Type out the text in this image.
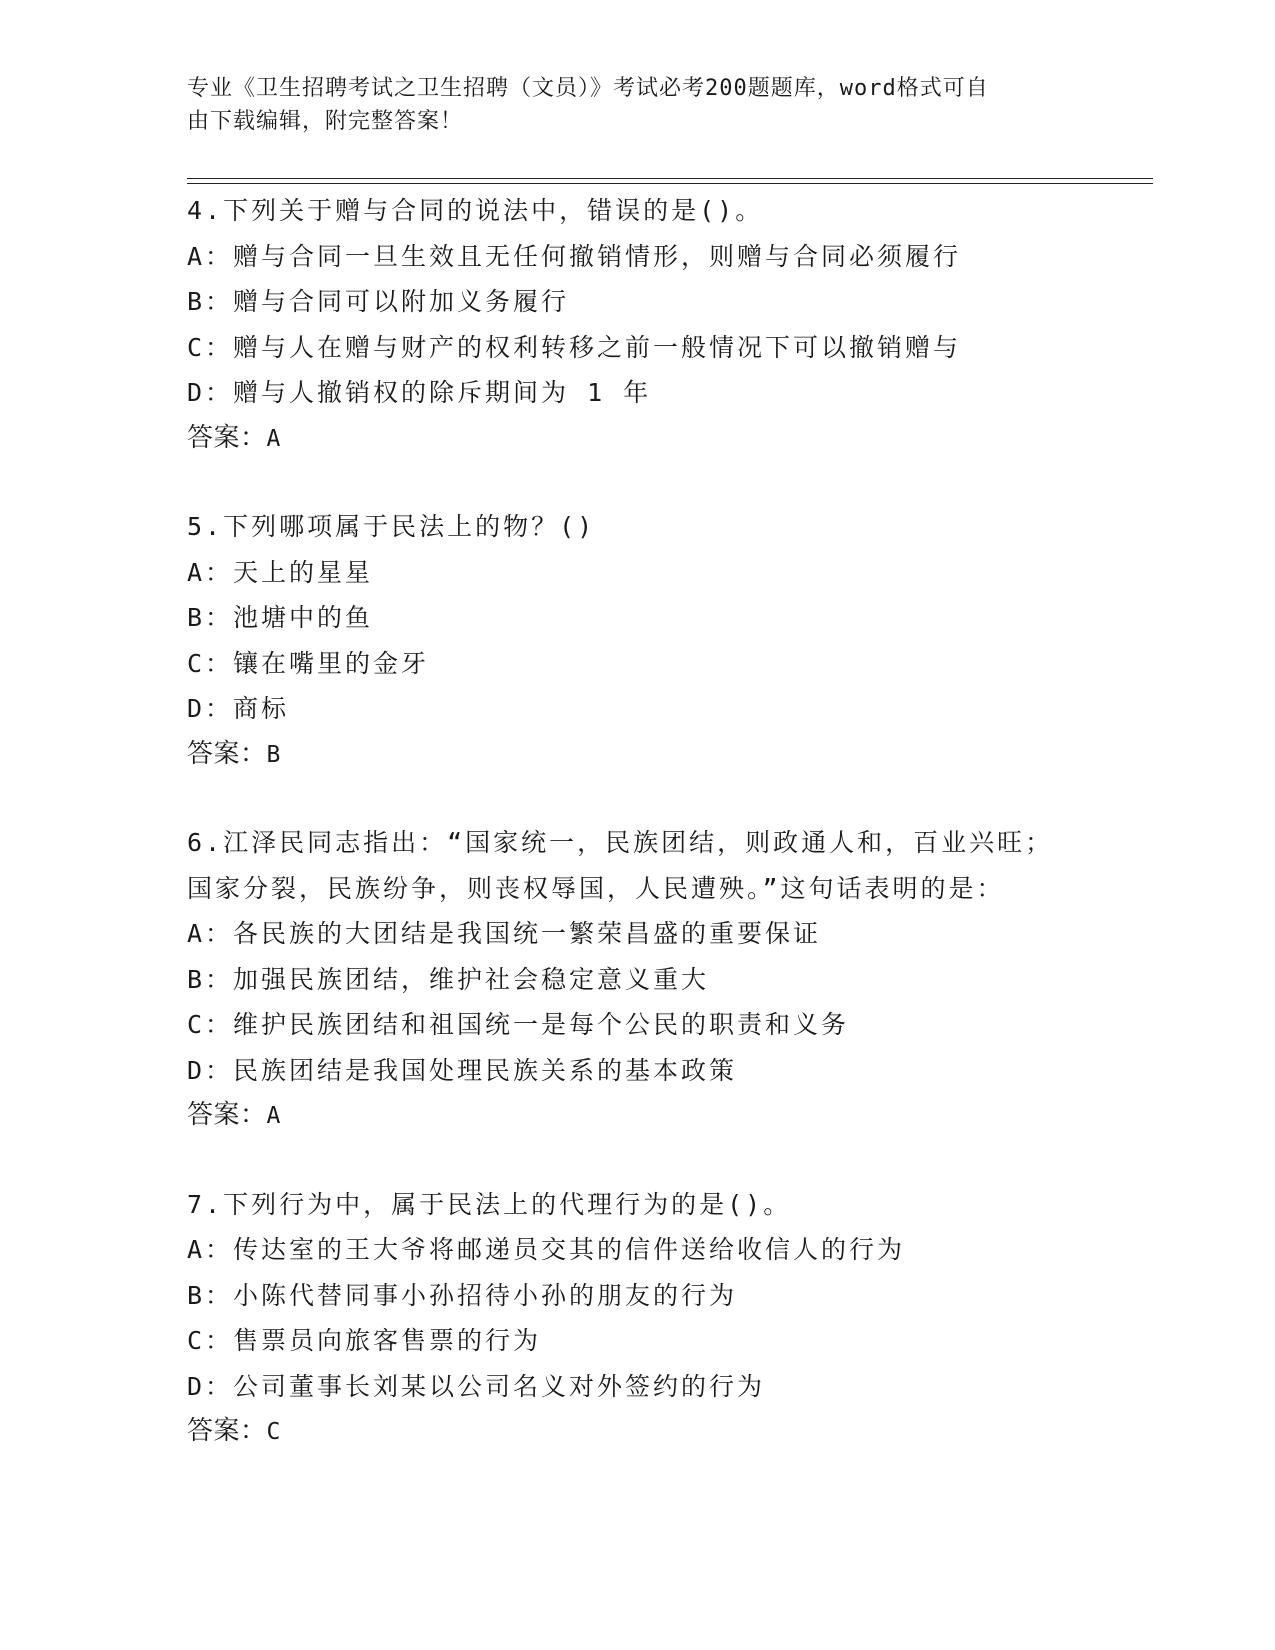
专业《卫生招聘考试之卫生招聘（文员）》考试必考200题题库，word格式可自
由下载编辑，附完整答案！
4.下列关于赠与合同的说法中，错误的是()。
A：赠与合同一旦生效且无任何撤销情形，则赠与合同必须履行
B：赠与合同可以附加义务履行
C：赠与人在赠与财产的权利转移之前一般情况下可以撤销赠与
D：赠与人撤销权的除斥期间为 1 年
答案：A
5.下列哪项属于民法上的物？()
A：天上的星星
B：池塘中的鱼
C：镶在嘴里的金牙
D：商标
答案：B
6.江泽民同志指出：“国家统一，民族团结，则政通人和，百业兴旺；
国家分裂，民族纷争，则丧权辱国，人民遭殃。”这句话表明的是：
A：各民族的大团结是我国统一繁荣昌盛的重要保证
B：加强民族团结，维护社会稳定意义重大
C：维护民族团结和祖国统一是每个公民的职责和义务
D：民族团结是我国处理民族关系的基本政策
答案：A
7.下列行为中，属于民法上的代理行为的是()。
A：传达室的王大爷将邮递员交其的信件送给收信人的行为
B：小陈代替同事小孙招待小孙的朋友的行为
C：售票员向旅客售票的行为
D：公司董事长刘某以公司名义对外签约的行为
答案：C
